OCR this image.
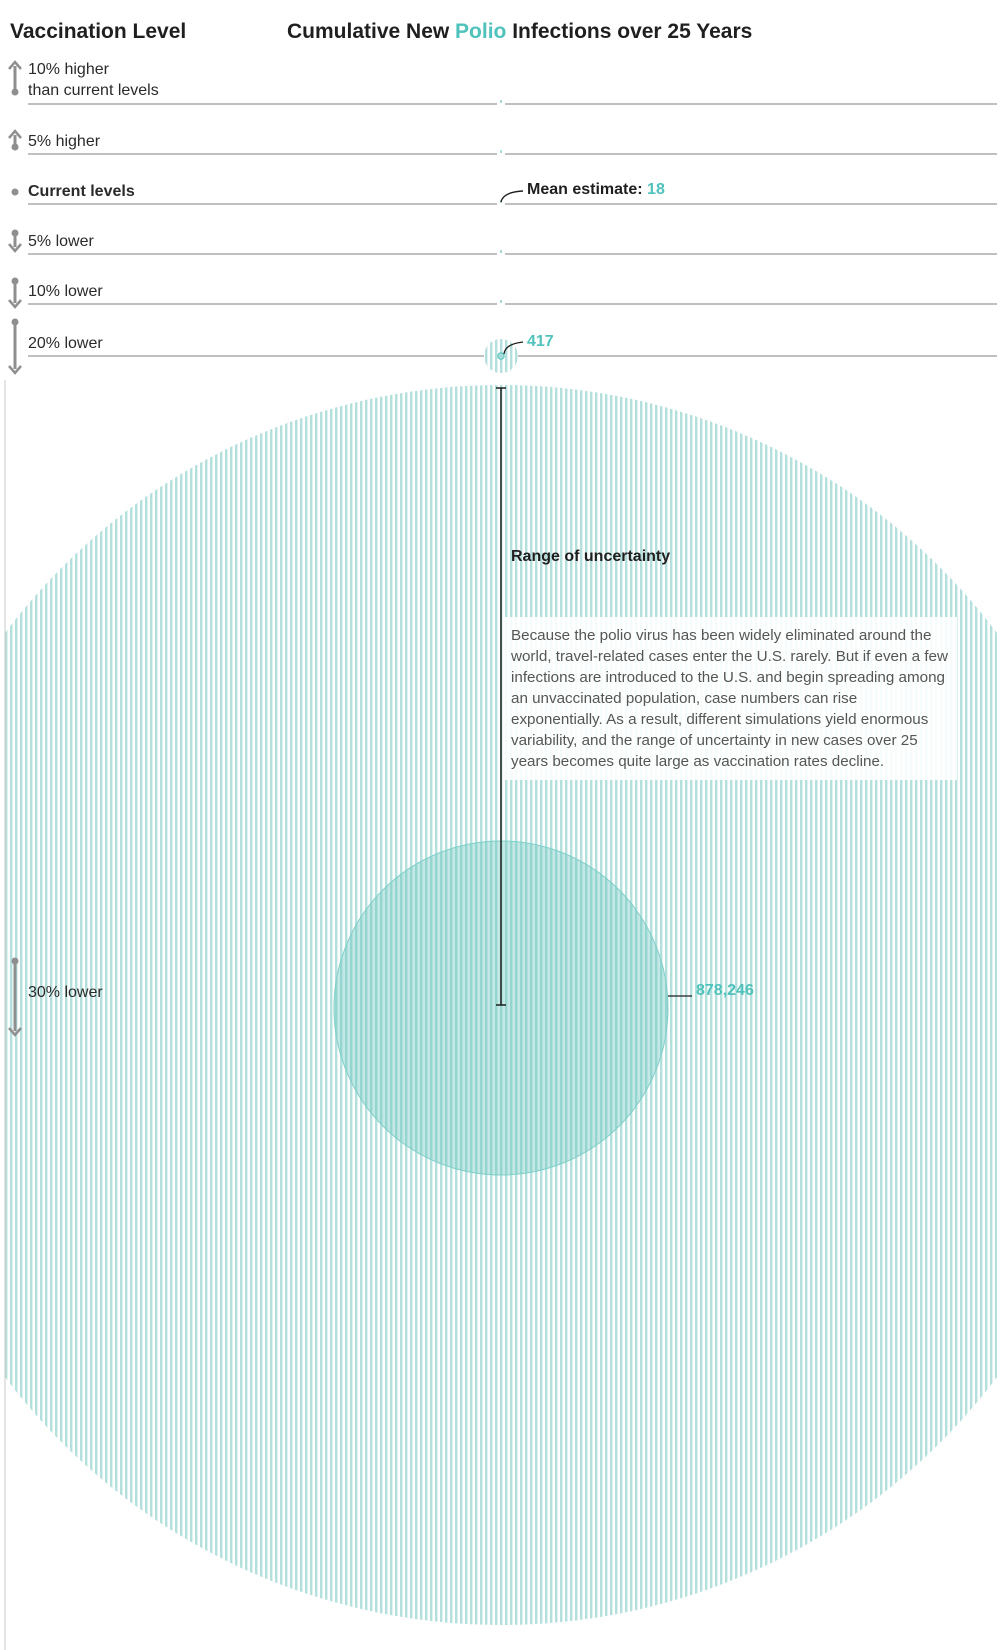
Vaccination Level	Cumulative New Polio Infections over 25 Years
10% higher
than current levels
5% higher
Current levels
5% lower
10% lower
20% lower
30% lower
Mean estimate: 18
417
878,246
Range of uncertainty
Because the polio virus has been widely eliminated around the world, travel-related cases enter the U.S. rarely. But if even a few infections are introduced to the U.S. and begin spreading among an unvaccinated population, case numbers can rise exponentially. As a result, different simulations yield enormous variability, and the range of uncertainty in new cases over 25 years becomes quite large as vaccination rates decline.
